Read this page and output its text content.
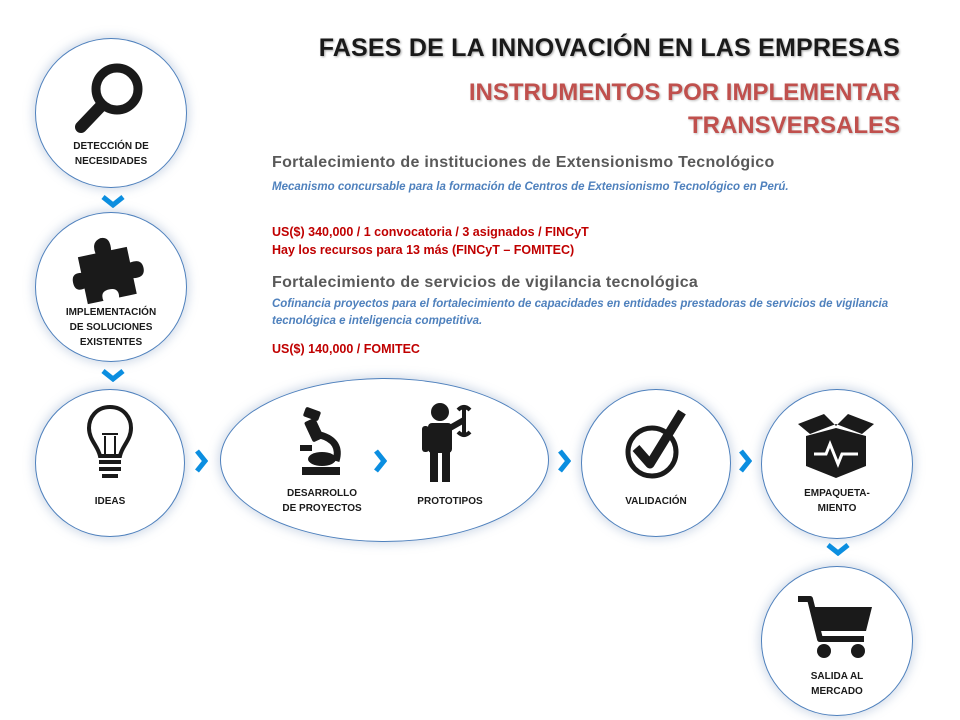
FASES DE LA INNOVACIÓN EN LAS EMPRESAS
INSTRUMENTOS POR IMPLEMENTAR
TRANSVERSALES
Fortalecimiento de instituciones de Extensionismo Tecnológico
Mecanismo concursable para la formación de Centros de Extensionismo Tecnológico en Perú.
US($) 340,000 / 1 convocatoria / 3 asignados / FINCyT
Hay los recursos para 13 más (FINCyT – FOMITEC)
Fortalecimiento de servicios de vigilancia tecnológica
Cofinancia proyectos para el fortalecimiento de capacidades en entidades prestadoras de servicios de vigilancia tecnológica e inteligencia competitiva.
US($) 140,000 / FOMITEC
DETECCIÓN DE
NECESIDADES
IMPLEMENTACIÓN
DE SOLUCIONES
EXISTENTES
IDEAS
DESARROLLO
DE PROYECTOS
PROTOTIPOS	VALIDACIÓN
EMPAQUETA-
MIENTO
SALIDA AL
MERCADO
